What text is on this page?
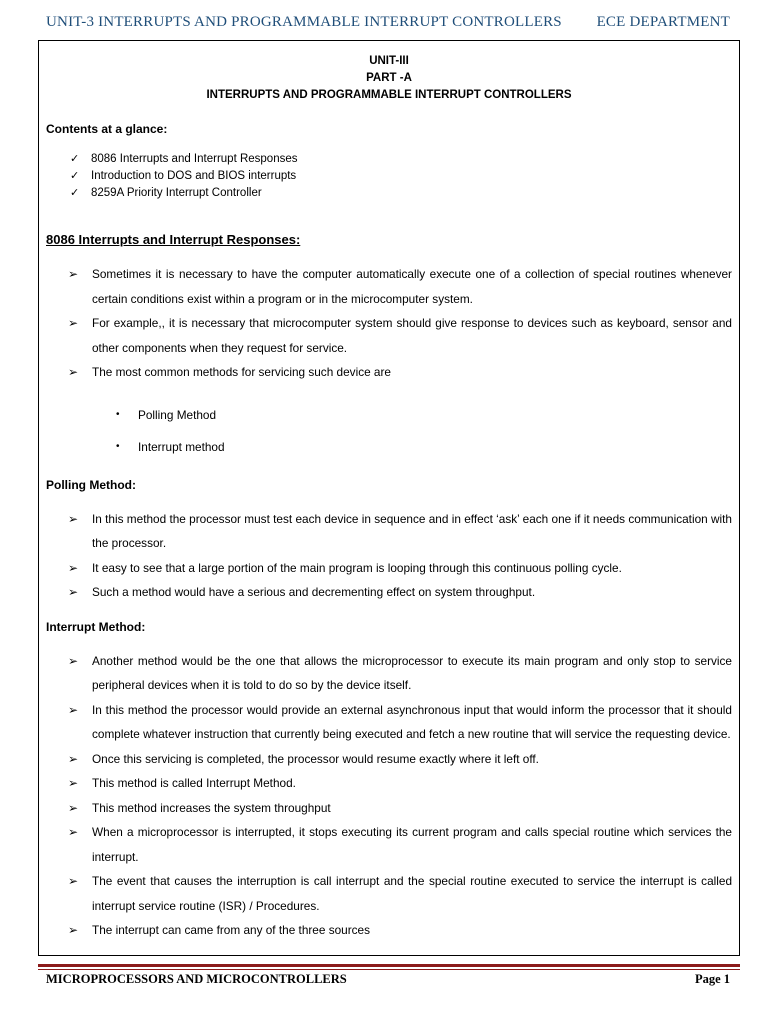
UNIT-3 INTERRUPTS AND PROGRAMMABLE INTERRUPT CONTROLLERS ECE DEPARTMENT
UNIT-III
PART -A
INTERRUPTS AND PROGRAMMABLE INTERRUPT CONTROLLERS
Contents at a glance:
✓	8086 Interrupts and Interrupt Responses
✓	Introduction to DOS and BIOS interrupts
✓	8259A Priority Interrupt Controller
8086 Interrupts and Interrupt Responses:
➢	Sometimes it is necessary to have the computer automatically execute one of a collection of special routines whenever certain conditions exist within a program or in the microcomputer system.
➢	For example,, it is necessary that microcomputer system should give response to devices such as keyboard, sensor and other components when they request for service.
➢	The most common methods for servicing such device are
•	Polling Method
•	Interrupt method
Polling Method:
➢	In this method the processor must test each device in sequence and in effect ‘ask’ each one if it needs communication with the processor.
➢	It easy to see that a large portion of the main program is looping through this continuous polling cycle.
➢	Such a method would have a serious and decrementing effect on system throughput.
Interrupt Method:
➢	Another method would be the one that allows the microprocessor to execute its main program and only stop to service peripheral devices when it is told to do so by the device itself.
➢	In this method the processor would provide an external asynchronous input that would inform the processor that it should complete whatever instruction that currently being executed and fetch a new routine that will service the requesting device.
➢	Once this servicing is completed, the processor would resume exactly where it left off.
➢	This method is called Interrupt Method.
➢	This method increases the system throughput
➢	When a microprocessor is interrupted, it stops executing its current program and calls special routine which services the interrupt.
➢	The event that causes the interruption is call interrupt and the special routine executed to service the interrupt is called interrupt service routine (ISR) / Procedures.
➢	The interrupt can came from any of the three sources
MICROPROCESSORS AND MICROCONTROLLERS	Page 1
